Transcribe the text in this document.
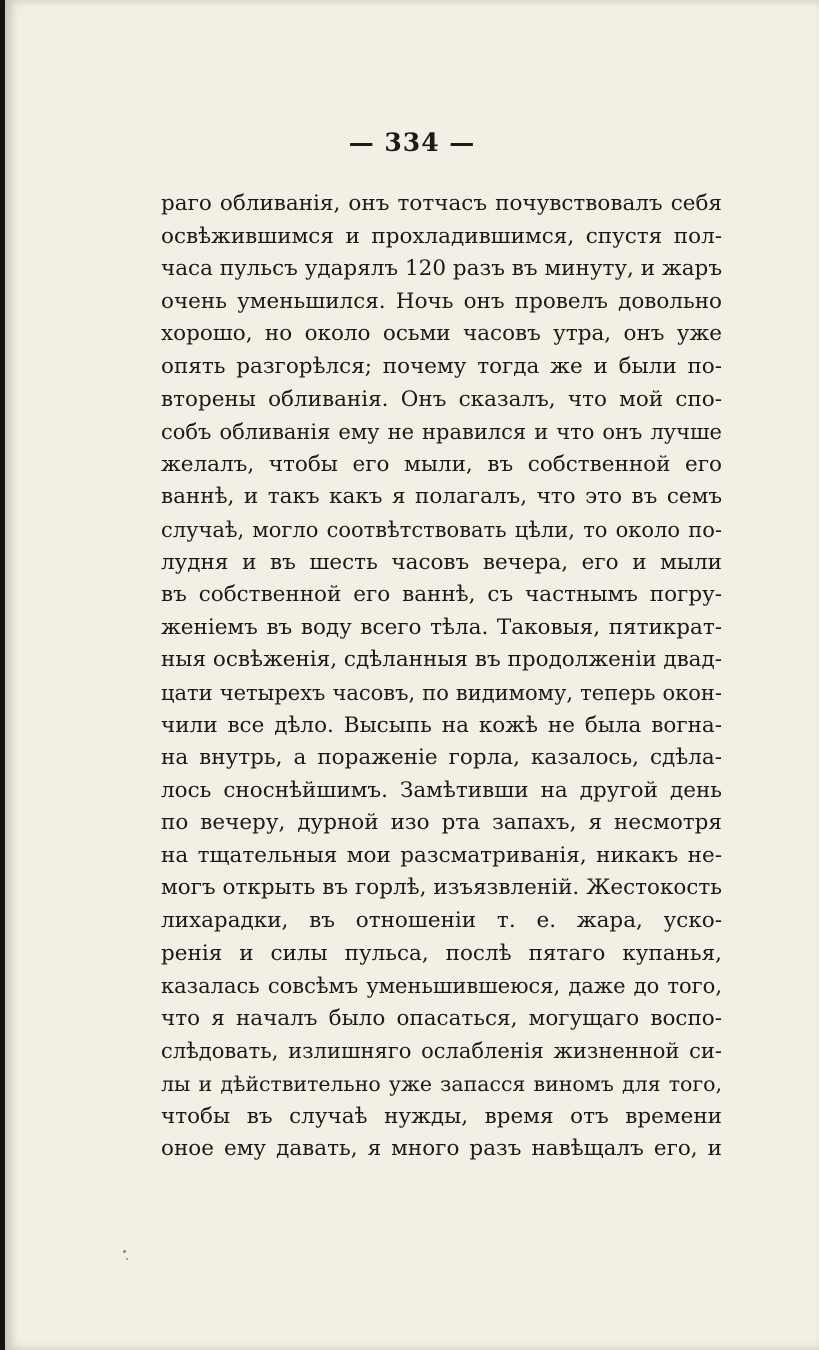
— 334 —
раго обливанія, онъ тотчасъ почувствовалъ себя
освѣжившимся и прохладившимся, спустя пол-
часа пульсъ ударялъ 120 разъ въ минуту, и жаръ
очень уменьшился. Ночь онъ провелъ довольно
хорошо, но около осьми часовъ утра, онъ уже
опять разгорѣлся; почему тогда же и были по-
вторены обливанія. Онъ сказалъ, что мой спо-
собъ обливанія ему не нравился и что онъ лучше
желалъ, чтобы его мыли, въ собственной его
ваннѣ, и такъ какъ я полагалъ, что это въ семъ
случаѣ, могло соотвѣтствовать цѣли, то около по-
лудня и въ шесть часовъ вечера, его и мыли
въ собственной его ваннѣ, съ частнымъ погру-
женіемъ въ воду всего тѣла. Таковыя, пятикрат-
ныя освѣженія, сдѣланныя въ продолженіи двад-
цати четырехъ часовъ, по видимому, теперь окон-
чили все дѣло. Высыпь на кожѣ не была вогна-
на внутрь, а пораженіе горла, казалось, сдѣла-
лось сноснѣйшимъ. Замѣтивши на другой день
по вечеру, дурной изо рта запахъ, я несмотря
на тщательныя мои разсматриванія, никакъ не-
могъ открыть въ горлѣ, изъязвленій. Жестокость
лихарадки, въ отношеніи т. е. жара, уско-
ренія и силы пульса, послѣ пятаго купанья,
казалась совсѣмъ уменьшившеюся, даже до того,
что я началъ было опасаться, могущаго воспо-
слѣдовать, излишняго ослабленія жизненной си-
лы и дѣйствительно уже запасся виномъ для того,
чтобы въ случаѣ нужды, время отъ времени
оное ему давать, я много разъ навѣщалъ его, и
